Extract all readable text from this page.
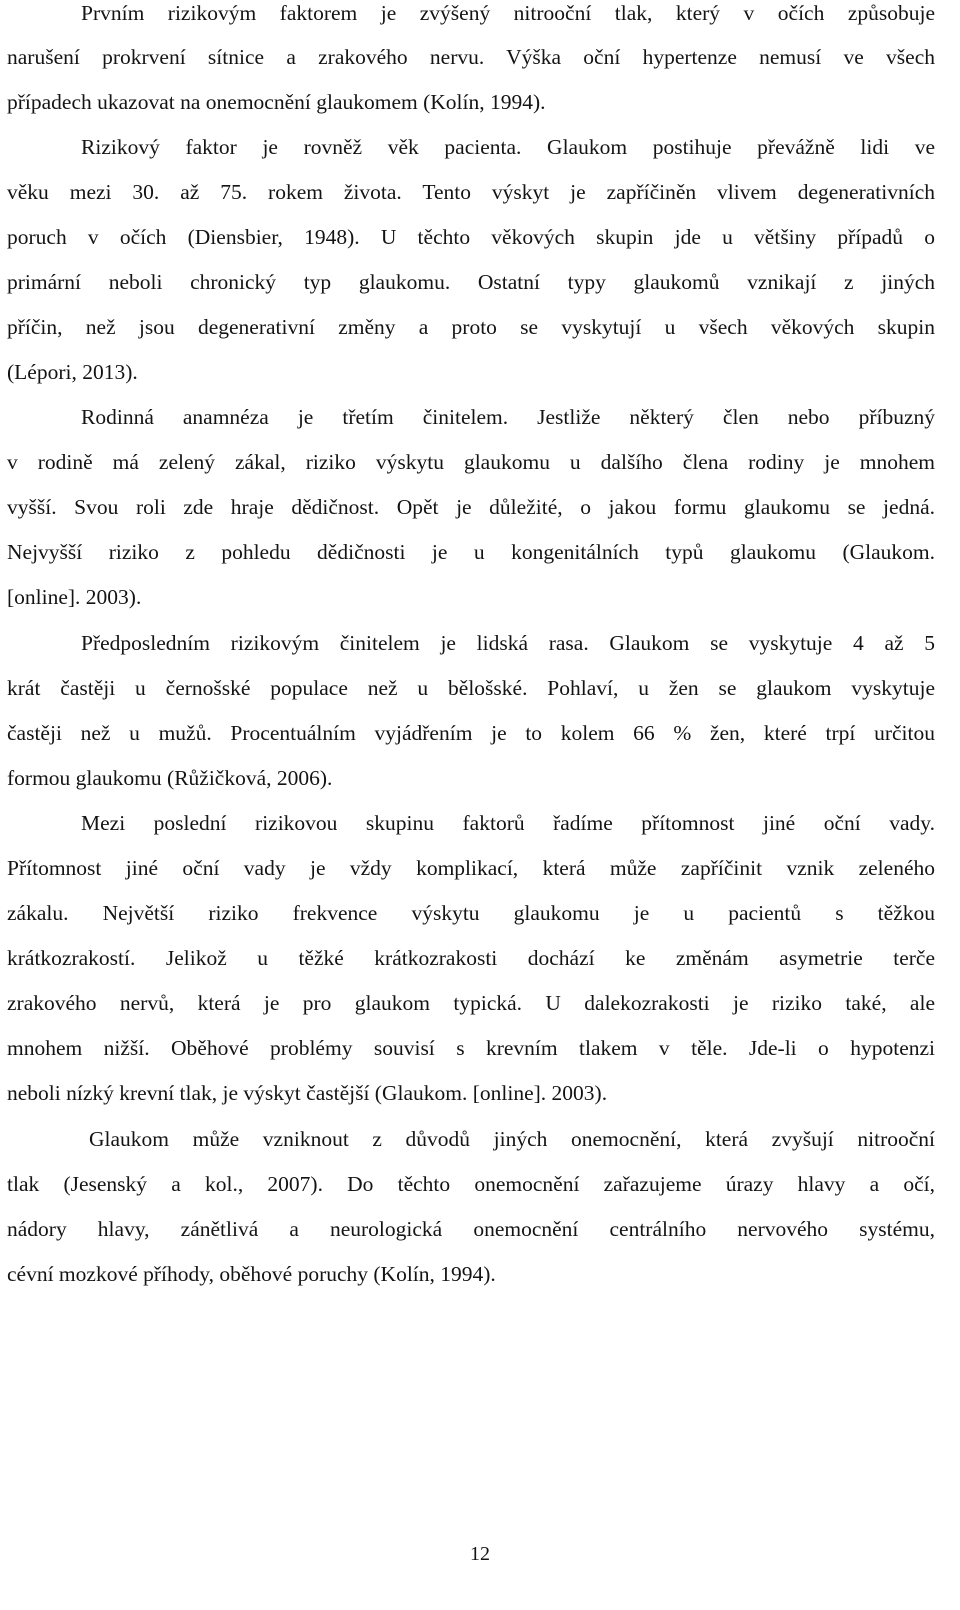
Prvním rizikovým faktorem je zvýšený nitrooční tlak, který v očích způsobuje
narušení prokrvení sítnice a zrakového nervu. Výška oční hypertenze nemusí ve všech
případech ukazovat na onemocnění glaukomem (Kolín, 1994).
Rizikový faktor je rovněž věk pacienta. Glaukom postihuje převážně lidi ve
věku mezi 30. až 75. rokem života. Tento výskyt je zapříčiněn vlivem degenerativních
poruch v očích (Diensbier, 1948). U těchto věkových skupin jde u většiny případů o
primární neboli chronický typ glaukomu. Ostatní typy glaukomů vznikají z jiných
příčin, než jsou degenerativní změny a proto se vyskytují u všech věkových skupin
(Lépori, 2013).
Rodinná anamnéza je třetím činitelem. Jestliže některý člen nebo příbuzný
v rodině má zelený zákal, riziko výskytu glaukomu u dalšího člena rodiny je mnohem
vyšší. Svou roli zde hraje dědičnost. Opět je důležité, o jakou formu glaukomu se jedná.
Nejvyšší riziko z pohledu dědičnosti je u kongenitálních typů glaukomu (Glaukom.
[online]. 2003).
Předposledním rizikovým činitelem je lidská rasa. Glaukom se vyskytuje 4 až 5
krát častěji u černošské populace než u bělošské. Pohlaví, u žen se glaukom vyskytuje
častěji než u mužů. Procentuálním vyjádřením je to kolem 66 % žen, které trpí určitou
formou glaukomu (Růžičková, 2006).
Mezi poslední rizikovou skupinu faktorů řadíme přítomnost jiné oční vady.
Přítomnost jiné oční vady je vždy komplikací, která může zapříčinit vznik zeleného
zákalu. Největší riziko frekvence výskytu glaukomu je u pacientů s těžkou
krátkozrakostí. Jelikož u těžké krátkozrakosti dochází ke změnám asymetrie terče
zrakového nervů, která je pro glaukom typická. U dalekozrakosti je riziko také, ale
mnohem nižší. Oběhové problémy souvisí s krevním tlakem v těle. Jde-li o hypotenzi
neboli nízký krevní tlak, je výskyt častější (Glaukom. [online]. 2003).
Glaukom může vzniknout z důvodů jiných onemocnění, která zvyšují nitrooční
tlak (Jesenský a kol., 2007). Do těchto onemocnění zařazujeme úrazy hlavy a očí,
nádory hlavy, zánětlivá a neurologická onemocnění centrálního nervového systému,
cévní mozkové příhody, oběhové poruchy (Kolín, 1994).
12
